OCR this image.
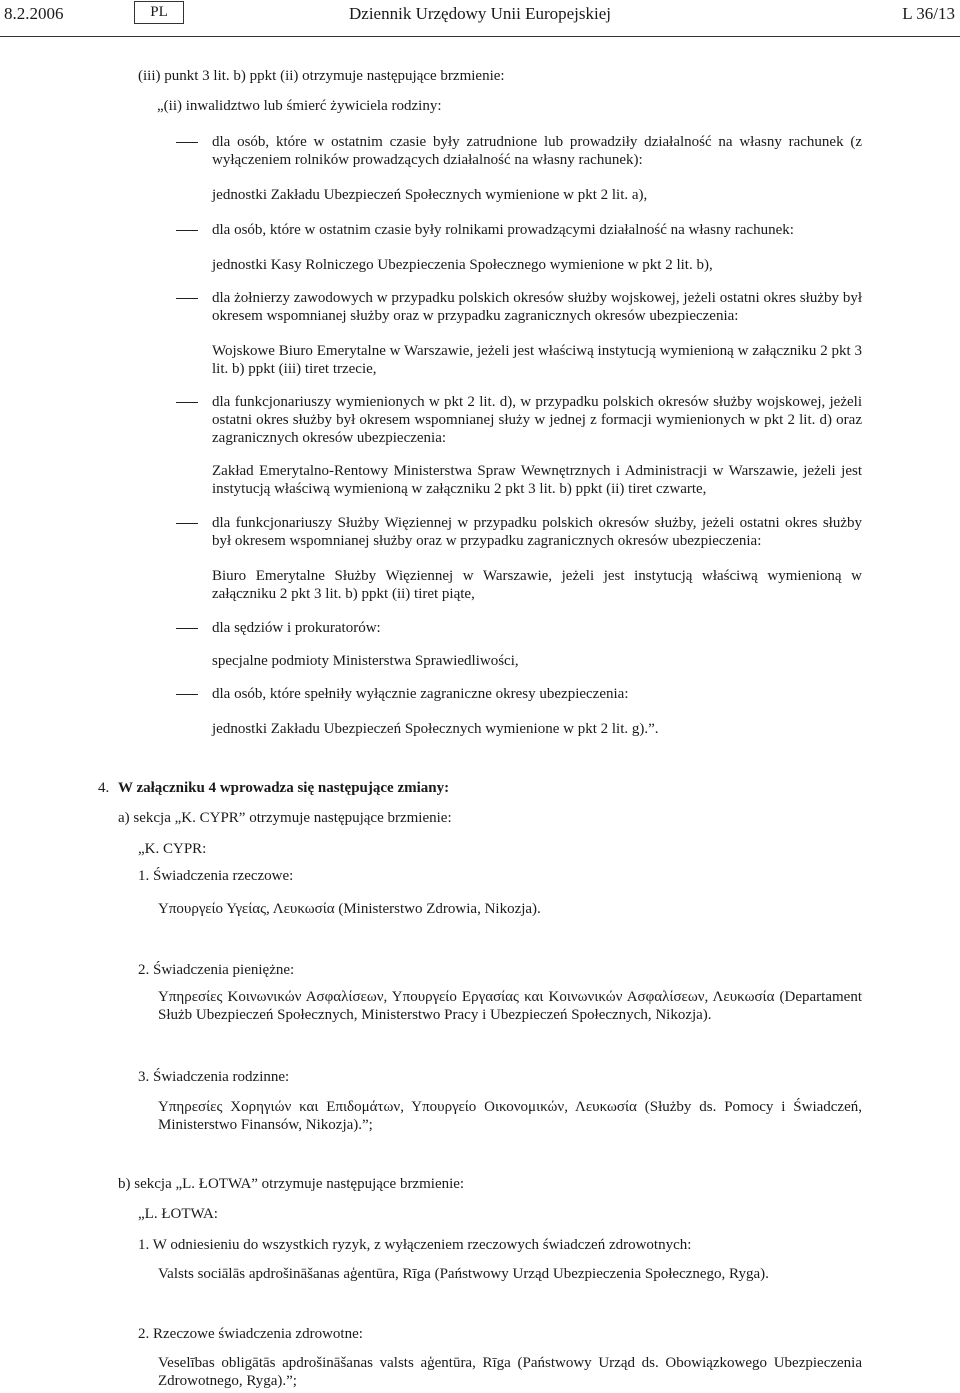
8.2.2006	PL	Dziennik Urzędowy Unii Europejskiej	L 36/13
(iii) punkt 3 lit. b) ppkt (ii) otrzymuje następujące brzmienie:
„(ii) inwalidztwo lub śmierć żywiciela rodziny:
dla osób, które w ostatnim czasie były zatrudnione lub prowadziły działalność na własny rachunek (z wyłączeniem rolników prowadzących działalność na własny rachunek):
jednostki Zakładu Ubezpieczeń Społecznych wymienione w pkt 2 lit. a),
dla osób, które w ostatnim czasie były rolnikami prowadzącymi działalność na własny rachunek:
jednostki Kasy Rolniczego Ubezpieczenia Społecznego wymienione w pkt 2 lit. b),
dla żołnierzy zawodowych w przypadku polskich okresów służby wojskowej, jeżeli ostatni okres służby był okresem wspomnianej służby oraz w przypadku zagranicznych okresów ubezpieczenia:
Wojskowe Biuro Emerytalne w Warszawie, jeżeli jest właściwą instytucją wymienioną w załączniku 2 pkt 3 lit. b) ppkt (iii) tiret trzecie,
dla funkcjonariuszy wymienionych w pkt 2 lit. d), w przypadku polskich okresów służby wojskowej, jeżeli ostatni okres służby był okresem wspomnianej służy w jednej z formacji wymienionych w pkt 2 lit. d) oraz zagranicznych okresów ubezpieczenia:
Zakład Emerytalno-Rentowy Ministerstwa Spraw Wewnętrznych i Administracji w Warszawie, jeżeli jest instytucją właściwą wymienioną w załączniku 2 pkt 3 lit. b) ppkt (ii) tiret czwarte,
dla funkcjonariuszy Służby Więziennej w przypadku polskich okresów służby, jeżeli ostatni okres służby był okresem wspomnianej służby oraz w przypadku zagranicznych okresów ubezpieczenia:
Biuro Emerytalne Służby Więziennej w Warszawie, jeżeli jest instytucją właściwą wymienioną w załączniku 2 pkt 3 lit. b) ppkt (ii) tiret piąte,
dla sędziów i prokuratorów:
specjalne podmioty Ministerstwa Sprawiedliwości,
dla osób, które spełniły wyłącznie zagraniczne okresy ubezpieczenia:
jednostki Zakładu Ubezpieczeń Społecznych wymienione w pkt 2 lit. g).”.
4. W załączniku 4 wprowadza się następujące zmiany:
a) sekcja „K. CYPR” otrzymuje następujące brzmienie:
„K. CYPR:
1. Świadczenia rzeczowe:
Υπουργείο Υγείας, Λευκωσία (Ministerstwo Zdrowia, Nikozja).
2. Świadczenia pieniężne:
Υπηρεσίες Κοινωνικών Ασφαλίσεων, Υπουργείο Εργασίας και Κοινωνικών Ασφαλίσεων, Λευκωσία (Departament Służb Ubezpieczeń Społecznych, Ministerstwo Pracy i Ubezpieczeń Społecznych, Nikozja).
3. Świadczenia rodzinne:
Υπηρεσίες Χορηγιών και Επιδομάτων, Υπουργείο Οικονομικών, Λευκωσία (Służby ds. Pomocy i Świadczeń, Ministerstwo Finansów, Nikozja).”;
b) sekcja „L. ŁOTWA” otrzymuje następujące brzmienie:
„L. ŁOTWA:
1. W odniesieniu do wszystkich ryzyk, z wyłączeniem rzeczowych świadczeń zdrowotnych:
Valsts sociālās apdrošināšanas aģentūra, Rīga (Państwowy Urząd Ubezpieczenia Społecznego, Ryga).
2. Rzeczowe świadczenia zdrowotne:
Veselības obligātās apdrošināšanas valsts aģentūra, Rīga (Państwowy Urząd ds. Obowiązkowego Ubezpieczenia Zdrowotnego, Ryga).”;
